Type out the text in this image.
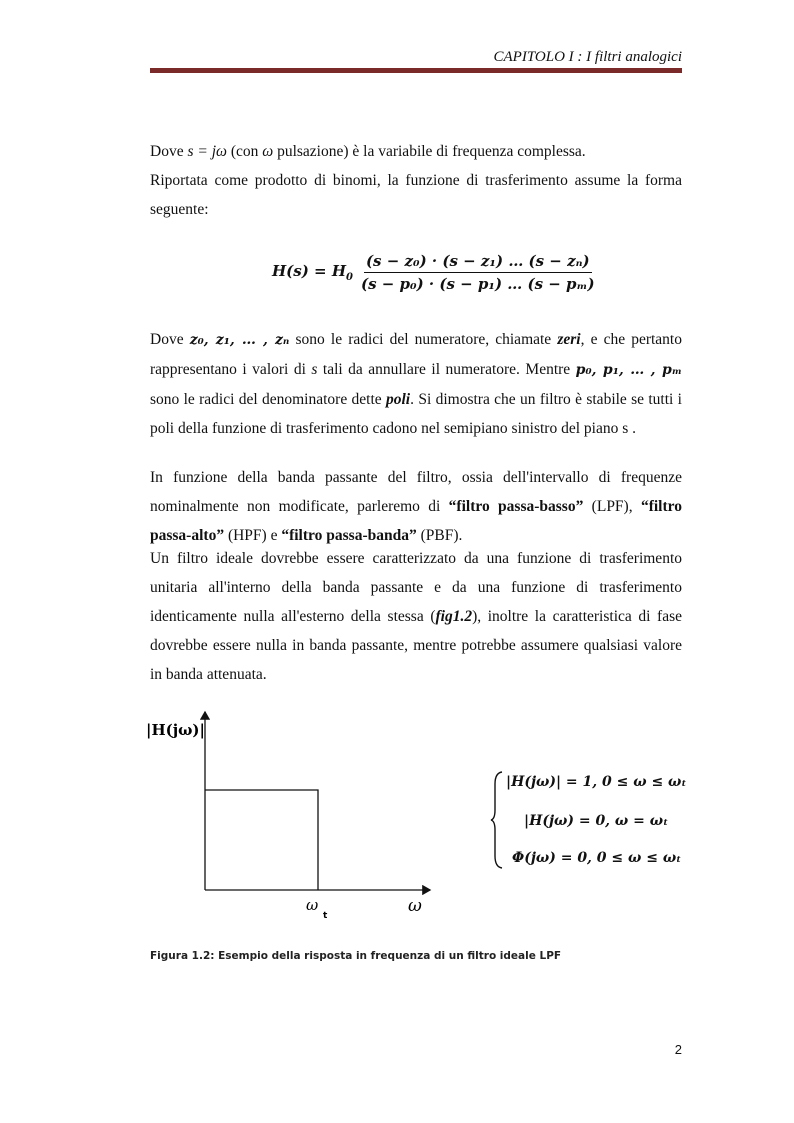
CAPITOLO I : I filtri analogici
Dove s = jω (con ω pulsazione) è la variabile di frequenza complessa.
Riportata come prodotto di binomi, la funzione di trasferimento assume la forma seguente:
$H(s) = H_0 \frac{\text{(s − z₀) · (s − z₁) … (s − zₙ)}}{\text{(s − p₀) · (s − p₁) … (s − pₘ)}}$
Dove z₀, z₁, … , zₙ sono le radici del numeratore, chiamate zeri, e che pertanto rappresentano i valori di s tali da annullare il numeratore. Mentre p₀, p₁, … , pₘ sono le radici del denominatore dette poli. Si dimostra che un filtro è stabile se tutti i poli della funzione di trasferimento cadono nel semipiano sinistro del piano s .
In funzione della banda passante del filtro, ossia dell'intervallo di frequenze nominalmente non modificate, parleremo di “filtro passa-basso” (LPF), “filtro passa-alto” (HPF) e “filtro passa-banda” (PBF).
Un filtro ideale dovrebbe essere caratterizzato da una funzione di trasferimento unitaria all'interno della banda passante e da una funzione di trasferimento identicamente nulla all'esterno della stessa (fig1.2), inoltre la caratteristica di fase dovrebbe essere nulla in banda passante, mentre potrebbe assumere qualsiasi valore in banda attenuata.
|H(jω)|
ω
t	ω
|H(jω)| = 1, 0 ≤ ω ≤ ωₜ
|H(jω) = 0, ω = ωₜ
Φ(jω) = 0, 0 ≤ ω ≤ ωₜ
Figura 1.2: Esempio della risposta in frequenza di un filtro ideale LPF
2
